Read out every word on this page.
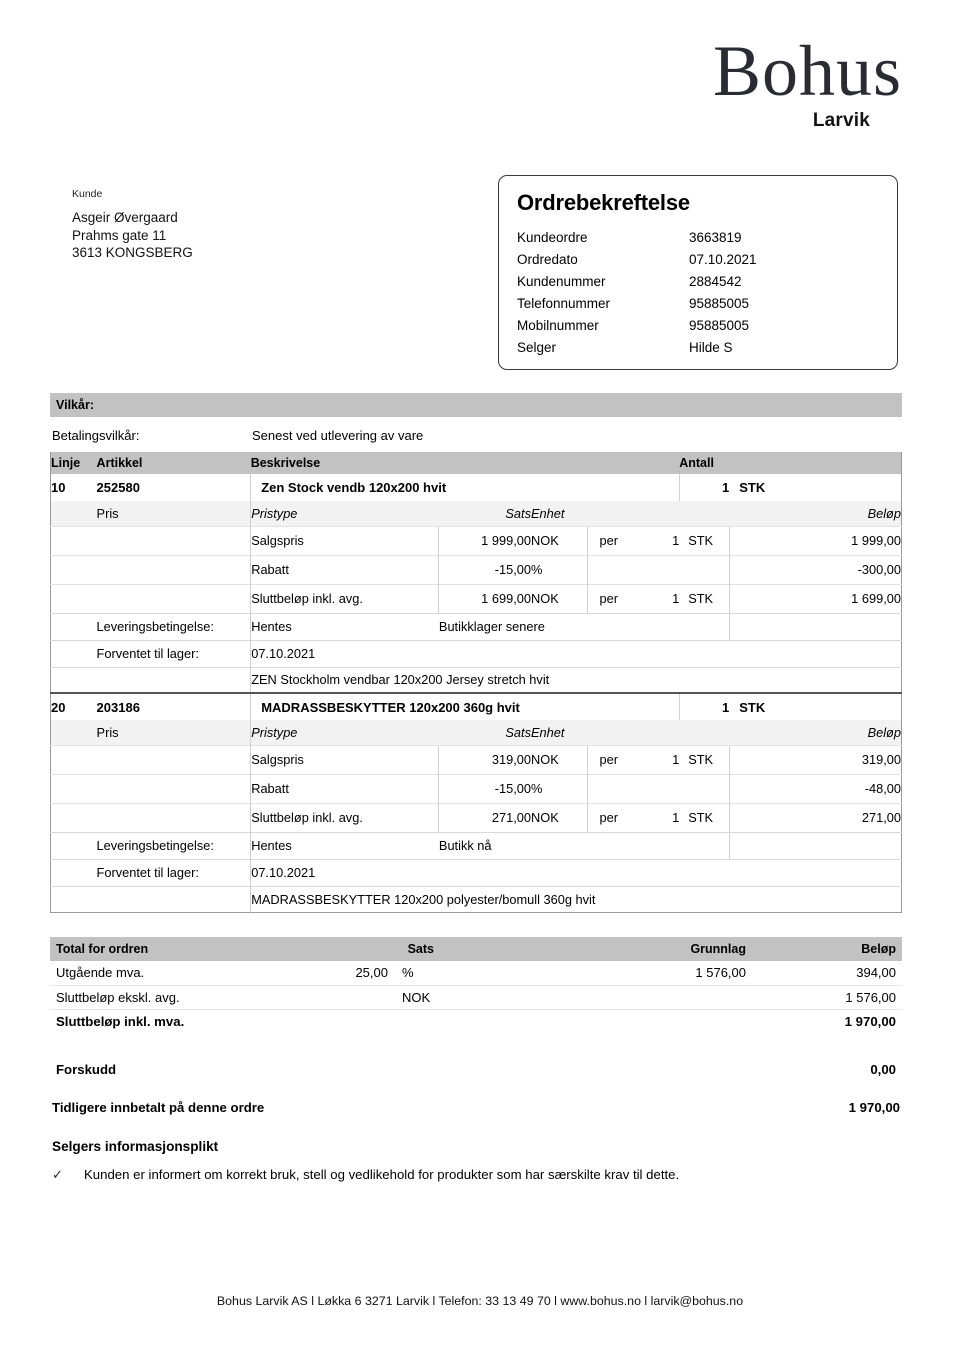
Bohus
Larvik
Kunde
Asgeir Øvergaard
Prahms gate 11
3613 KONGSBERG
Ordrebekreftelse
Kundeordre	3663819
Ordredato	07.10.2021
Kundenummer	2884542
Telefonnummer	95885005
Mobilnummer	95885005
Selger	Hilde S
Vilkår:
Betalingsvilkår:	Senest ved utlevering av vare
Linje	Artikkel	Beskrivelse					Antall	
10	252580	Zen Stock vendb 120x200 hvit					1	STK
	Pris	Pristype	Sats	Enhet			Beløp	
		Salgspris	1 999,00	NOK	per	1	STK	1 999,00
		Rabatt	-15,00	%				-300,00
		Sluttbeløp inkl. avg.	1 699,00	NOK	per	1	STK	1 699,00
	Leveringsbetingelse:	Hentes	Butikklager senere					
	Forventet til lager:	07.10.2021						
		ZEN Stockholm vendbar 120x200 Jersey stretch hvit						
20	203186	MADRASSBESKYTTER 120x200 360g hvit					1	STK
	Pris	Pristype	Sats	Enhet			Beløp	
		Salgspris	319,00	NOK	per	1	STK	319,00
		Rabatt	-15,00	%				-48,00
		Sluttbeløp inkl. avg.	271,00	NOK	per	1	STK	271,00
	Leveringsbetingelse:	Hentes	Butikk nå					
	Forventet til lager:	07.10.2021						
		MADRASSBESKYTTER 120x200 polyester/bomull 360g hvit						
Total for ordren	Sats			Grunnlag	Beløp
Utgående mva.	25,00	%		1 576,00	394,00
Sluttbeløp ekskl. avg.		NOK			1 576,00
Sluttbeløp inkl. mva.					1 970,00

Forskudd					0,00
Tidligere innbetalt på denne ordre	1 970,00
Selgers informasjonsplikt
✓	Kunden er informert om korrekt bruk, stell og vedlikehold for produkter som har særskilte krav til dette.
Bohus Larvik AS l Løkka 6 3271 Larvik l Telefon: 33 13 49 70 l www.bohus.no l larvik@bohus.no
